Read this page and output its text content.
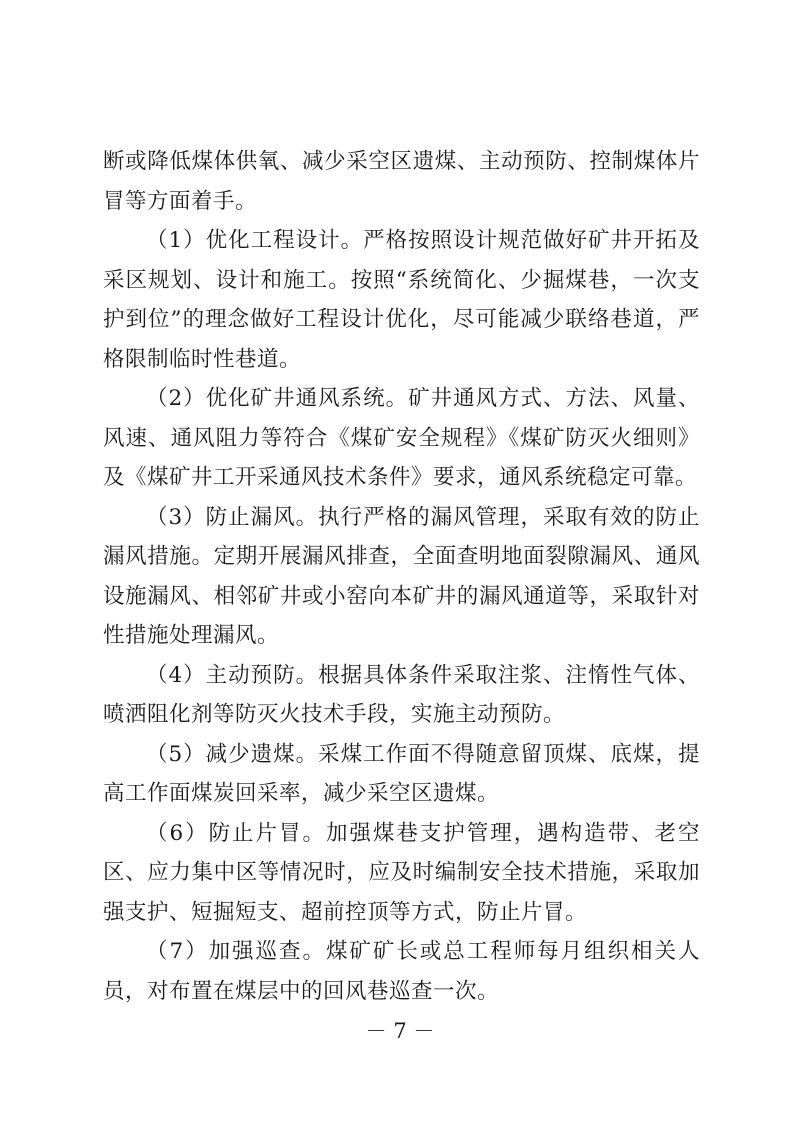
断或降低煤体供氧、减少采空区遗煤、主动预防、控制煤体片冒等方面着手。

（1）优化工程设计。严格按照设计规范做好矿井开拓及采区规划、设计和施工。按照“系统简化、少掘煤巷，一次支护到位”的理念做好工程设计优化，尽可能减少联络巷道，严格限制临时性巷道。

（2）优化矿井通风系统。矿井通风方式、方法、风量、风速、通风阻力等符合《煤矿安全规程》《煤矿防灭火细则》及《煤矿井工开采通风技术条件》要求，通风系统稳定可靠。

（3）防止漏风。执行严格的漏风管理，采取有效的防止漏风措施。定期开展漏风排查，全面查明地面裂隙漏风、通风设施漏风、相邻矿井或小窑向本矿井的漏风通道等，采取针对性措施处理漏风。

（4）主动预防。根据具体条件采取注浆、注惰性气体、喷洒阻化剂等防灭火技术手段，实施主动预防。

（5）减少遗煤。采煤工作面不得随意留顶煤、底煤，提高工作面煤炭回采率，减少采空区遗煤。

（6）防止片冒。加强煤巷支护管理，遇构造带、老空区、应力集中区等情况时，应及时编制安全技术措施，采取加强支护、短掘短支、超前控顶等方式，防止片冒。

（7）加强巡查。煤矿矿长或总工程师每月组织相关人员，对布置在煤层中的回风巷巡查一次。

－ 7 －
